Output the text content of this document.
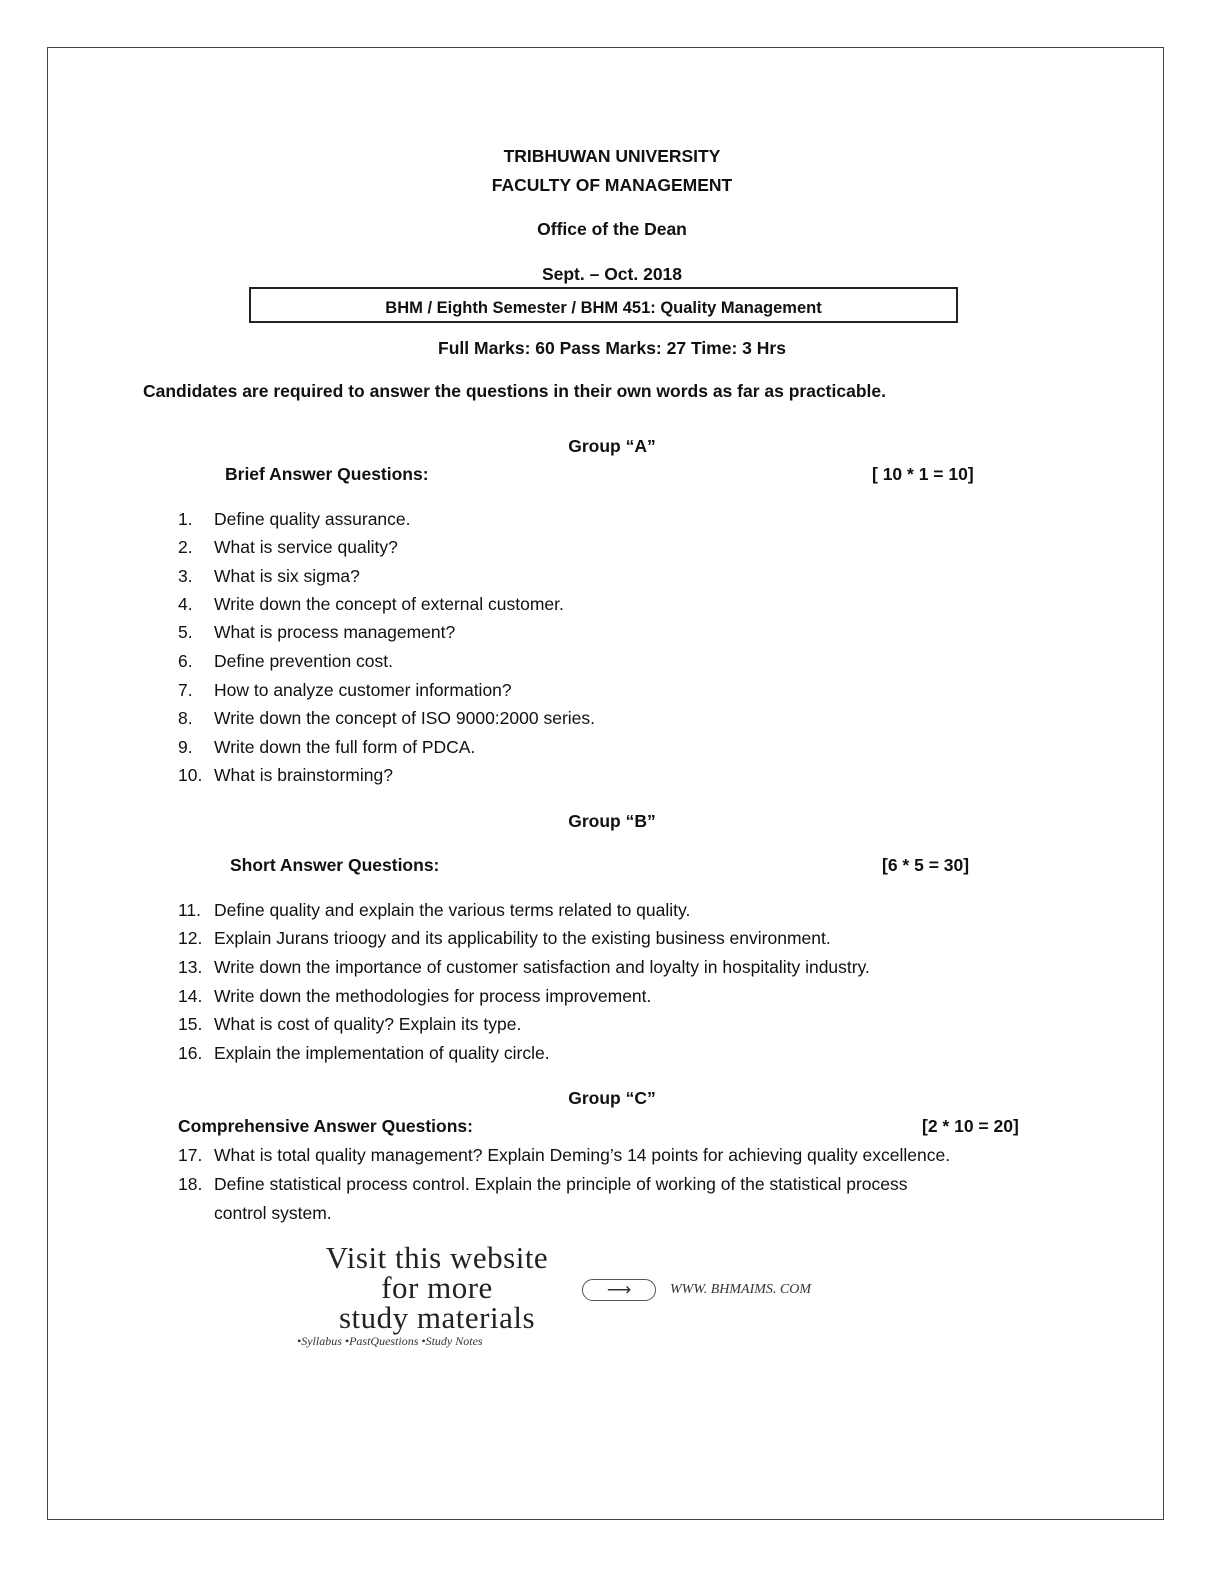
TRIBHUWAN UNIVERSITY
FACULTY OF MANAGEMENT
Office of the Dean
Sept. – Oct. 2018
BHM / Eighth Semester / BHM 451: Quality Management
Full Marks: 60 Pass Marks: 27 Time: 3 Hrs
Candidates are required to answer the questions in their own words as far as practicable.
Group “A”
Brief Answer Questions:	[ 10 * 1 = 10]
1. Define quality assurance.
2. What is service quality?
3. What is six sigma?
4. Write down the concept of external customer.
5. What is process management?
6. Define prevention cost.
7. How to analyze customer information?
8. Write down the concept of ISO 9000:2000 series.
9. Write down the full form of PDCA.
10. What is brainstorming?
Group “B”
Short Answer Questions:	[6 * 5 = 30]
11. Define quality and explain the various terms related to quality.
12. Explain Jurans trioogy and its applicability to the existing business environment.
13. Write down the importance of customer satisfaction and loyalty in hospitality industry.
14. Write down the methodologies for process improvement.
15. What is cost of quality? Explain its type.
16. Explain the implementation of quality circle.
Group “C”
Comprehensive Answer Questions:	[2 * 10 = 20]
17. What is total quality management? Explain Deming’s 14 points for achieving quality excellence.
18. Define statistical process control. Explain the principle of working of the statistical process
control system.
Visit this website
for more
study materials
•Syllabus •PastQuestions •Study Notes
⟶	WWW. BHMAIMS. COM
